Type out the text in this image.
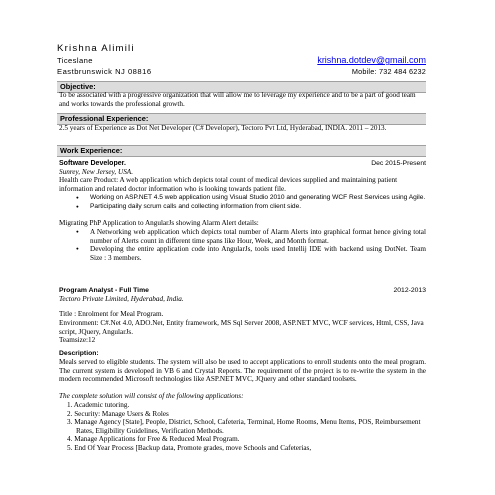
Krishna Alimili
Ticeslane
Eastbrunswick NJ 08816
krishna.dotdev@gmail.com
Mobile: 732 484 6232
Objective:
To be associated with a progressive organization that will allow me to leverage my experience and to be a part of good team and works towards the professional growth.
Professional Experience:
2.5 years of Experience as Dot Net Developer (C# Developer), Tectoro Pvt Ltd, Hyderabad, INDIA. 2011 – 2013.
Work Experience:
Software Developer.	Dec 2015-Present
Sunrey, New Jersey, USA.
Health care Product: A web application which depicts total count of medical devices supplied and maintaining patient information and related doctor information who is looking towards patient file.
● Working on ASP.NET 4.5 web application using Visual Studio 2010 and generating WCF Rest Services using Agile.
● Participating daily scrum calls and collecting information from client side.
Migrating PhP Application to AngularJs showing Alarm Alert details:
● A Networking web application which depicts total number of Alarm Alerts into graphical format hence giving total number of Alerts count in different time spans like Hour, Week, and Month format.
● Developing the entire application code into AngularJs, tools used Intellij IDE with backend using DotNet. Team Size : 3 members.
Program Analyst - Full Time	2012-2013
Tectoro Private Limited, Hyderabad, India.
Title : Enrolment for Meal Program.
Environment: C#.Net 4.0, ADO.Net, Entity framework, MS Sql Server 2008, ASP.NET MVC, WCF services, Html, CSS, Java script, JQuery, AngularJs.
Teamsize:12
Description:
Meals served to eligible students. The system will also be used to accept applications to enroll students onto the meal program. The current system is developed in VB 6 and Crystal Reports. The requirement of the project is to re-write the system in the modern recommended Microsoft technologies like ASP.NET MVC, JQuery and other standard toolsets.
The complete solution will consist of the following applications:
1. Academic tutoring.
2. Security: Manage Users & Roles
3. Manage Agency [State], People, District, School, Cafeteria, Terminal, Home Rooms, Menu Items, POS, Reimbursement Rates, Eligibility Guidelines, Verification Methods.
4. Manage Applications for Free & Reduced Meal Program.
5. End Of Year Process [Backup data, Promote grades, move Schools and Cafeterias,
